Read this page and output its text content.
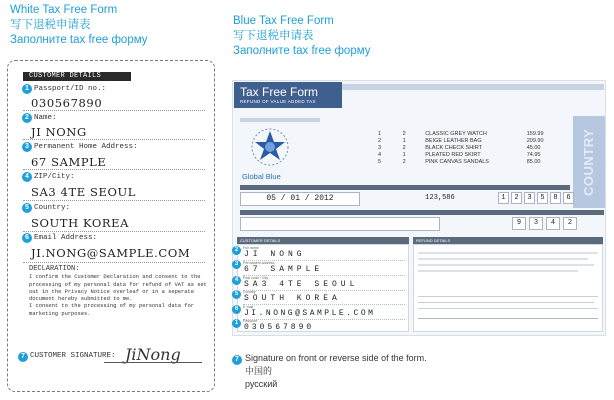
White Tax Free Form
写下退税申请表
Заполните tax free форму
Blue Tax Free Form
写下退税申请表
Заполните tax free форму
CUSTOMER DETAILS
1 Passport/ID no.:
030567890
2 Name:
JI NONG
3 Permanent Home Address:
67 SAMPLE
4 ZIP/City:
SA3 4TE SEOUL
5 Country:
SOUTH KOREA
6 Email Address:
JI.NONG@SAMPLE.COM
DECLARATION:
I confirm the Customer Declaration and consent to the
processing of my personal data for refund of VAT as set
out in the Privacy Notice overleaf or in a seperate
document hereby submitted to me.
I consent to the processing of my personal data for
marketing purposes.
7 CUSTOMER SIGNATURE: JiNong
Tax Free Form
REFUND OF VALUE ADDED TAX
1	2	CLASSIC GREY WATCH	159.99
2	1	BEIGE LEATHER BAG	209.90
3	2	BLACK CHECK SHIRT	45.00
4	1	PLEATED RED SKIRT	74.95
5	2	PINK CANVAS SANDALS	85.00
Global Blue	COUNTRY
05 / 01 / 2012	123,586	1	2	3	5	8	6
9	3	4	2
CUSTOMER DETAILS
2	Full name
JI NONG
3	Permanent address
67 SAMPLE
4	Post code / City
SA3 4TE SEOUL
5	Country
SOUTH KOREA
6	E-mail
JI.NONG@SAMPLE.COM
1	Passport
030567890
REFUND DETAILS
7 Signature on front or reverse side of the form.
中国的
русский
